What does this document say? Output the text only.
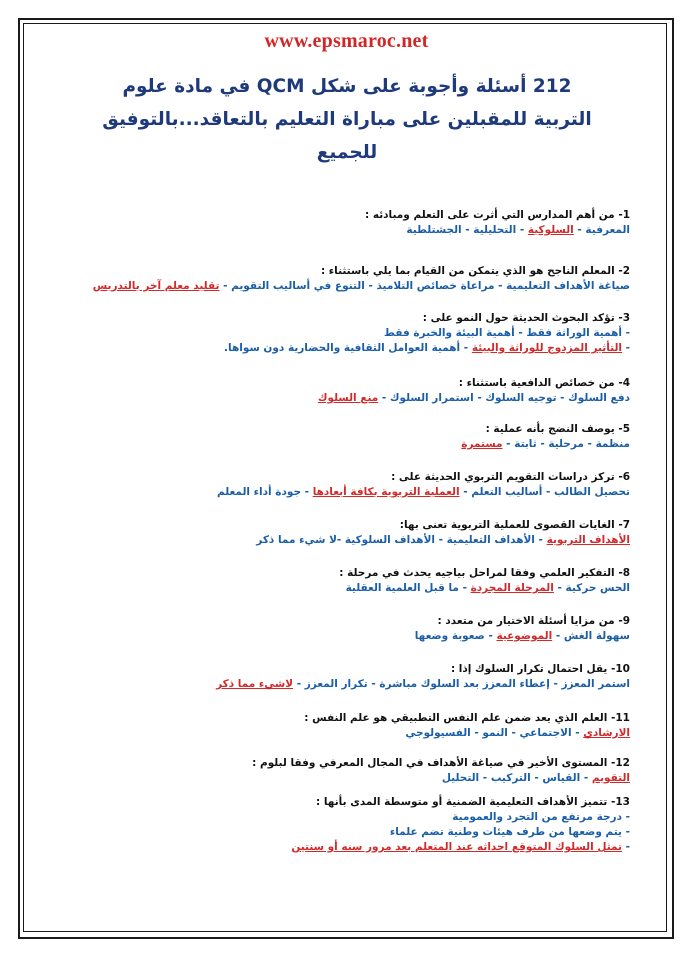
www.epsmaroc.net
212 أسئلة وأجوبة على شكل QCM في مادة علوم
التربية للمقبلين على مباراة التعليم بالتعاقد...بالتوفيق
للجميع
1- من أهم المدارس التي أثرت على التعلم ومبادئه :
المعرفية - السلوكية - التحليلية - الجشتلطية
2- المعلم الناجح هو الذي يتمكن من القيام بما يلي باستثناء :
صياغة الأهداف التعليمية - مراعاة خصائص التلاميذ - التنوع في أساليب التقويم - تقليد معلم آخر بالتدريس
3- تؤكد البحوث الحديثة حول النمو على :
- أهمية الوراثة فقط - أهمية البيئة والخبرة فقط
- التأثير المزدوج للوراثة والبيئة - أهمية العوامل الثقافية والحضارية دون سواها.
4- من خصائص الدافعية باستثناء :
دفع السلوك - توجيه السلوك - استمرار السلوك - منع السلوك
5- يوصف النضج بأنه عملية :
منظمة - مرحلية - ثابتة - مستمرة
6- تركز دراسات التقويم التربوي الحديثة على :
تحصيل الطالب - أساليب التعلم - العملية التربوية بكافة أبعادها - جودة أداء المعلم
7- الغايات القصوى للعملية التربوية تعنى بها:
الأهداف التربوية - الأهداف التعليمية - الأهداف السلوكية -لا شيء مما ذكر
8- التفكير العلمي وفقا لمراحل بياجيه يحدث في مرحلة :
الحس حركية - المرحلة المجردة - ما قبل العلمية العقلية
9- من مزايا أسئلة الاختيار من متعدد :
سهولة الغش - الموضوعية - صعوبة وضعها
10- يقل احتمال تكرار السلوك إذا :
استمر المعزز - إعطاء المعزز بعد السلوك مباشرة - تكرار المعزز - لاشيء مما ذكر
11- العلم الذي يعد ضمن علم النفس التطبيقي هو علم النفس :
الارشادي - الاجتماعي - النمو - الفسيولوجي
12- المستوى الأخير في صياغة الأهداف في المجال المعرفي وفقا لبلوم :
التقويم - القياس - التركيب - التحليل
13- تتميز الأهداف التعليمية الضمنية أو متوسطة المدى بأنها :
- درجة مرتفع من التجرد والعمومية
- يتم وضعها من طرف هيئات وطنية تضم علماء
- تمثل السلوك المتوقع احداثه عند المتعلم بعد مرور سنه أو سنتين
